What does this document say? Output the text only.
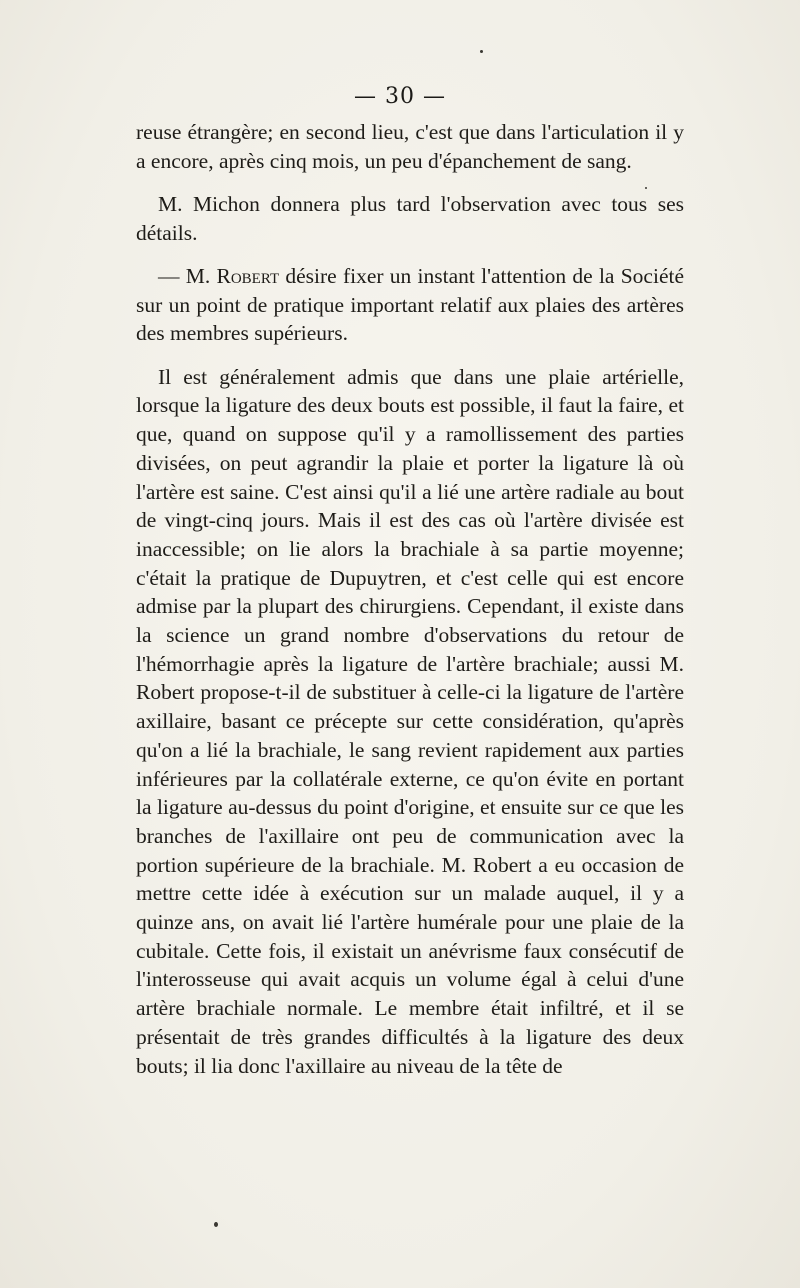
— 30 —

reuse étrangère; en second lieu, c'est que dans l'articulation il y a encore, après cinq mois, un peu d'épanchement de sang.

M. Michon donnera plus tard l'observation avec tous ses détails.

— M. Robert désire fixer un instant l'attention de la Société sur un point de pratique important relatif aux plaies des artères des membres supérieurs.

Il est généralement admis que dans une plaie artérielle, lorsque la ligature des deux bouts est possible, il faut la faire, et que, quand on suppose qu'il y a ramollissement des parties divisées, on peut agrandir la plaie et porter la ligature là où l'artère est saine. C'est ainsi qu'il a lié une artère radiale au bout de vingt-cinq jours. Mais il est des cas où l'artère divisée est inaccessible; on lie alors la brachiale à sa partie moyenne; c'était la pratique de Dupuytren, et c'est celle qui est encore admise par la plupart des chirurgiens. Cependant, il existe dans la science un grand nombre d'observations du retour de l'hémorrhagie après la ligature de l'artère brachiale; aussi M. Robert propose-t-il de substituer à celle-ci la ligature de l'artère axillaire, basant ce précepte sur cette considération, qu'après qu'on a lié la brachiale, le sang revient rapidement aux parties inférieures par la collatérale externe, ce qu'on évite en portant la ligature au-dessus du point d'origine, et ensuite sur ce que les branches de l'axillaire ont peu de communication avec la portion supérieure de la brachiale. M. Robert a eu occasion de mettre cette idée à exécution sur un malade auquel, il y a quinze ans, on avait lié l'artère humérale pour une plaie de la cubitale. Cette fois, il existait un anévrisme faux consécutif de l'interosseuse qui avait acquis un volume égal à celui d'une artère brachiale normale. Le membre était infiltré, et il se présentait de très grandes difficultés à la ligature des deux bouts; il lia donc l'axillaire au niveau de la tête de
